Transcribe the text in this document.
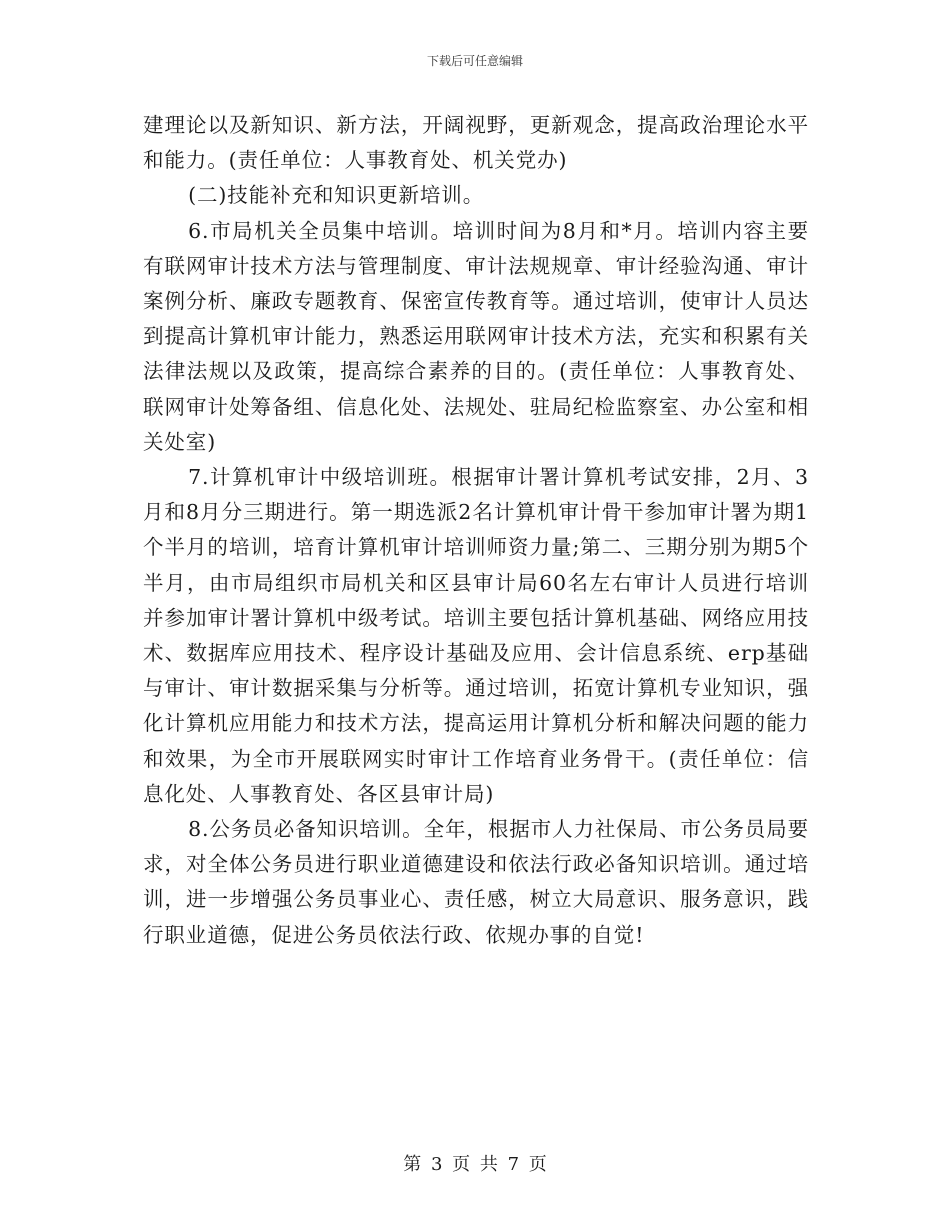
下载后可任意编辑

建理论以及新知识、新方法，开阔视野，更新观念，提高政治理论水平和能力。(责任单位：人事教育处、机关党办)

(二)技能补充和知识更新培训。

6.市局机关全员集中培训。培训时间为8月和*月。培训内容主要有联网审计技术方法与管理制度、审计法规规章、审计经验沟通、审计案例分析、廉政专题教育、保密宣传教育等。通过培训，使审计人员达到提高计算机审计能力，熟悉运用联网审计技术方法，充实和积累有关法律法规以及政策，提高综合素养的目的。(责任单位：人事教育处、联网审计处筹备组、信息化处、法规处、驻局纪检监察室、办公室和相关处室)

7.计算机审计中级培训班。根据审计署计算机考试安排，2月、3月和8月分三期进行。第一期选派2名计算机审计骨干参加审计署为期1个半月的培训，培育计算机审计培训师资力量;第二、三期分别为期5个半月，由市局组织市局机关和区县审计局60名左右审计人员进行培训并参加审计署计算机中级考试。培训主要包括计算机基础、网络应用技术、数据库应用技术、程序设计基础及应用、会计信息系统、erp基础与审计、审计数据采集与分析等。通过培训，拓宽计算机专业知识，强化计算机应用能力和技术方法，提高运用计算机分析和解决问题的能力和效果，为全市开展联网实时审计工作培育业务骨干。(责任单位：信息化处、人事教育处、各区县审计局)

8.公务员必备知识培训。全年，根据市人力社保局、市公务员局要求，对全体公务员进行职业道德建设和依法行政必备知识培训。通过培训，进一步增强公务员事业心、责任感，树立大局意识、服务意识，践行职业道德，促进公务员依法行政、依规办事的自觉!

第 3 页 共 7 页
